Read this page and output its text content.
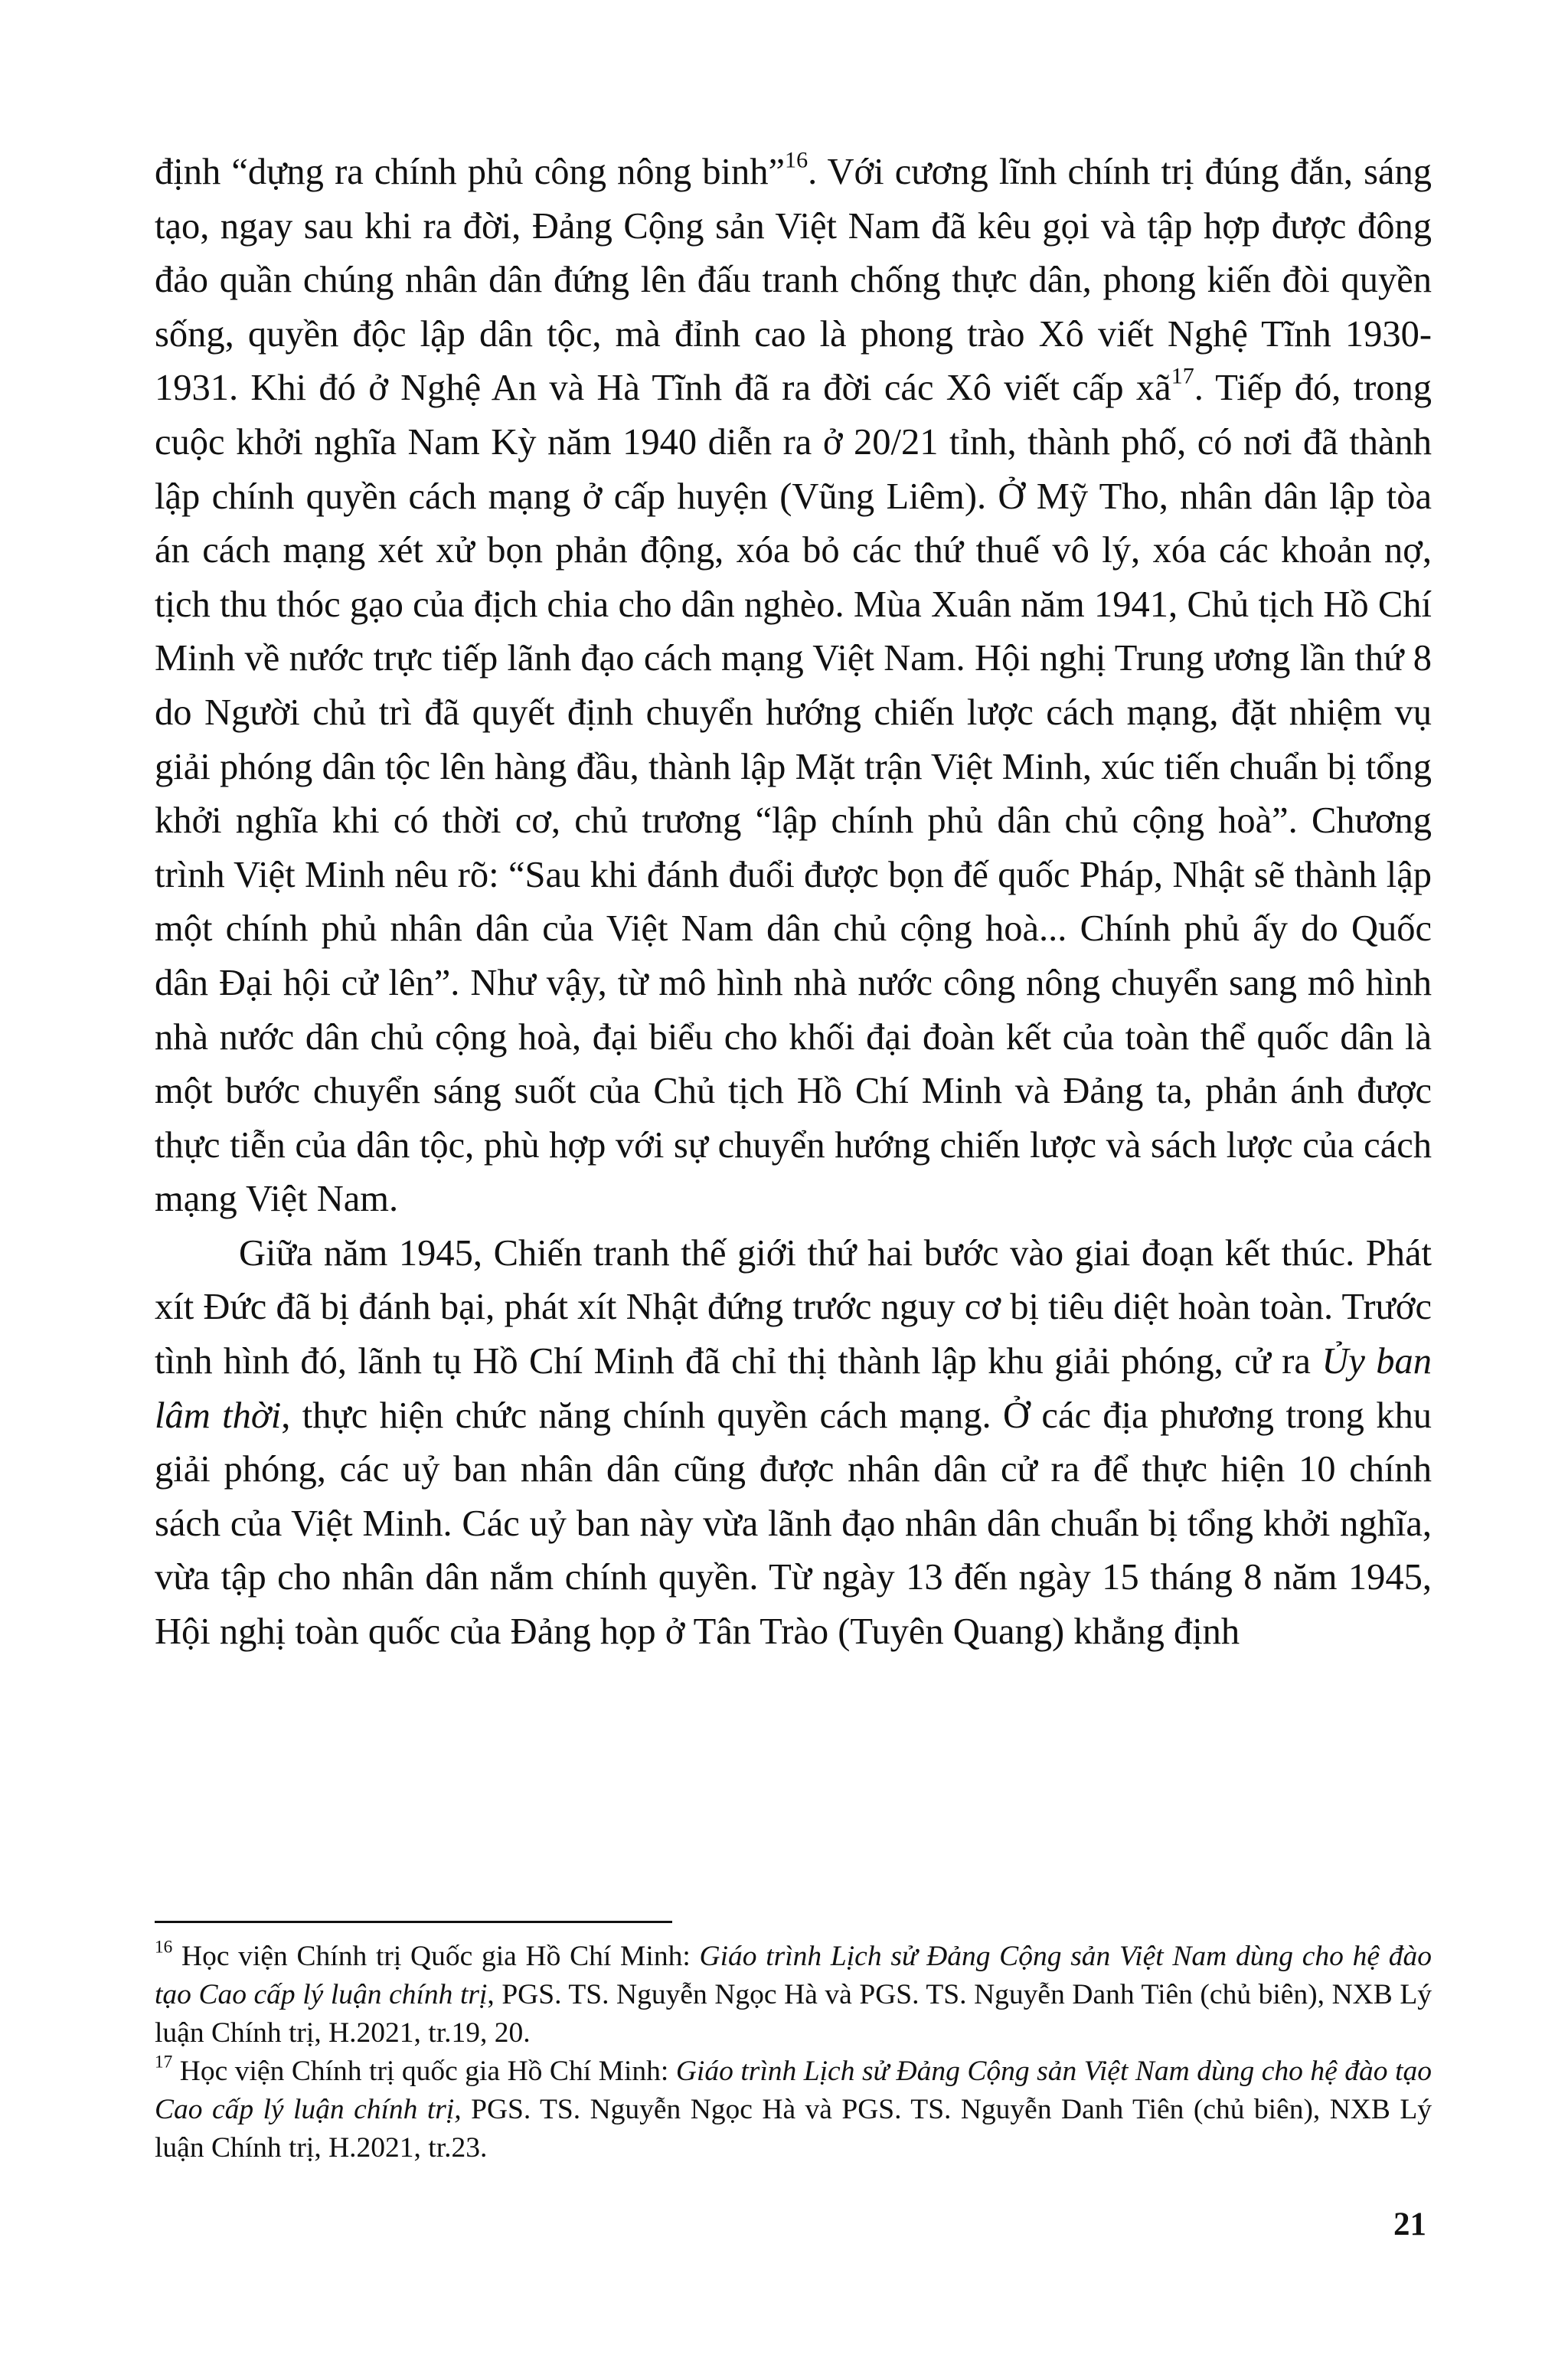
định “dựng ra chính phủ công nông binh”$^{16}$. Với cương lĩnh chính trị đúng đắn, sáng tạo, ngay sau khi ra đời, Đảng Cộng sản Việt Nam đã kêu gọi và tập hợp được đông đảo quần chúng nhân dân đứng lên đấu tranh chống thực dân, phong kiến đòi quyền sống, quyền độc lập dân tộc, mà đỉnh cao là phong trào Xô viết Nghệ Tĩnh 1930-1931. Khi đó ở Nghệ An và Hà Tĩnh đã ra đời các Xô viết cấp $xã^{17}$. Tiếp đó, trong cuộc khởi nghĩa Nam Kỳ năm 1940 diễn ra ở 20/21 tỉnh, thành phố, có nơi đã thành lập chính quyền cách mạng ở cấp huyện (Vũng Liêm). Ở Mỹ Tho, nhân dân lập tòa án cách mạng xét xử bọn phản động, xóa bỏ các thứ thuế vô lý, xóa các khoản nợ, tịch thu thóc gạo của địch chia cho dân nghèo. Mùa Xuân năm 1941, Chủ tịch Hồ Chí Minh về nước trực tiếp lãnh đạo cách mạng Việt Nam. Hội nghị Trung ương lần thứ 8 do Người chủ trì đã quyết định chuyển hướng chiến lược cách mạng, đặt nhiệm vụ giải phóng dân tộc lên hàng đầu, thành lập Mặt trận Việt Minh, xúc tiến chuẩn bị tổng khởi nghĩa khi có thời cơ, chủ trương “lập chính phủ dân chủ cộng hoà”. Chương trình Việt Minh nêu rõ: “Sau khi đánh đuổi được bọn đế quốc Pháp, Nhật sẽ thành lập một chính phủ nhân dân của Việt Nam dân chủ cộng hoà... Chính phủ ấy do Quốc dân Đại hội cử lên”. Như vậy, từ mô hình nhà nước công nông chuyển sang mô hình nhà nước dân chủ cộng hoà, đại biểu cho khối đại đoàn kết của toàn thể quốc dân là một bước chuyển sáng suốt của Chủ tịch Hồ Chí Minh và Đảng ta, phản ánh được thực tiễn của dân tộc, phù hợp với sự chuyển hướng chiến lược và sách lược của cách mạng Việt Nam.

Giữa năm 1945, Chiến tranh thế giới thứ hai bước vào giai đoạn kết thúc. Phát xít Đức đã bị đánh bại, phát xít Nhật đứng trước nguy cơ bị tiêu diệt hoàn toàn. Trước tình hình đó, lãnh tụ Hồ Chí Minh đã chỉ thị thành lập khu giải phóng, cử ra Ủy ban lâm thời, thực hiện chức năng chính quyền cách mạng. Ở các địa phương trong khu giải phóng, các uỷ ban nhân dân cũng được nhân dân cử ra để thực hiện 10 chính sách của Việt Minh. Các uỷ ban này vừa lãnh đạo nhân dân chuẩn bị tổng khởi nghĩa, vừa tập cho nhân dân nắm chính quyền. Từ ngày 13 đến ngày 15 tháng 8 năm 1945, Hội nghị toàn quốc của Đảng họp ở Tân Trào (Tuyên Quang) khẳng định

$^{16}$ Học viện Chính trị Quốc gia Hồ Chí Minh: Giáo trình Lịch sử Đảng Cộng sản Việt Nam dùng cho hệ đào tạo Cao cấp lý luận chính trị, PGS. TS. Nguyễn Ngọc Hà và PGS. TS. Nguyễn Danh Tiên (chủ biên), NXB Lý luận Chính trị, H.2021, tr.19, 20.

$^{17}$ Học viện Chính trị quốc gia Hồ Chí Minh: Giáo trình Lịch sử Đảng Cộng sản Việt Nam dùng cho hệ đào tạo Cao cấp lý luận chính trị, PGS. TS. Nguyễn Ngọc Hà và PGS. TS. Nguyễn Danh Tiên (chủ biên), NXB Lý luận Chính trị, H.2021, tr.23.

21
